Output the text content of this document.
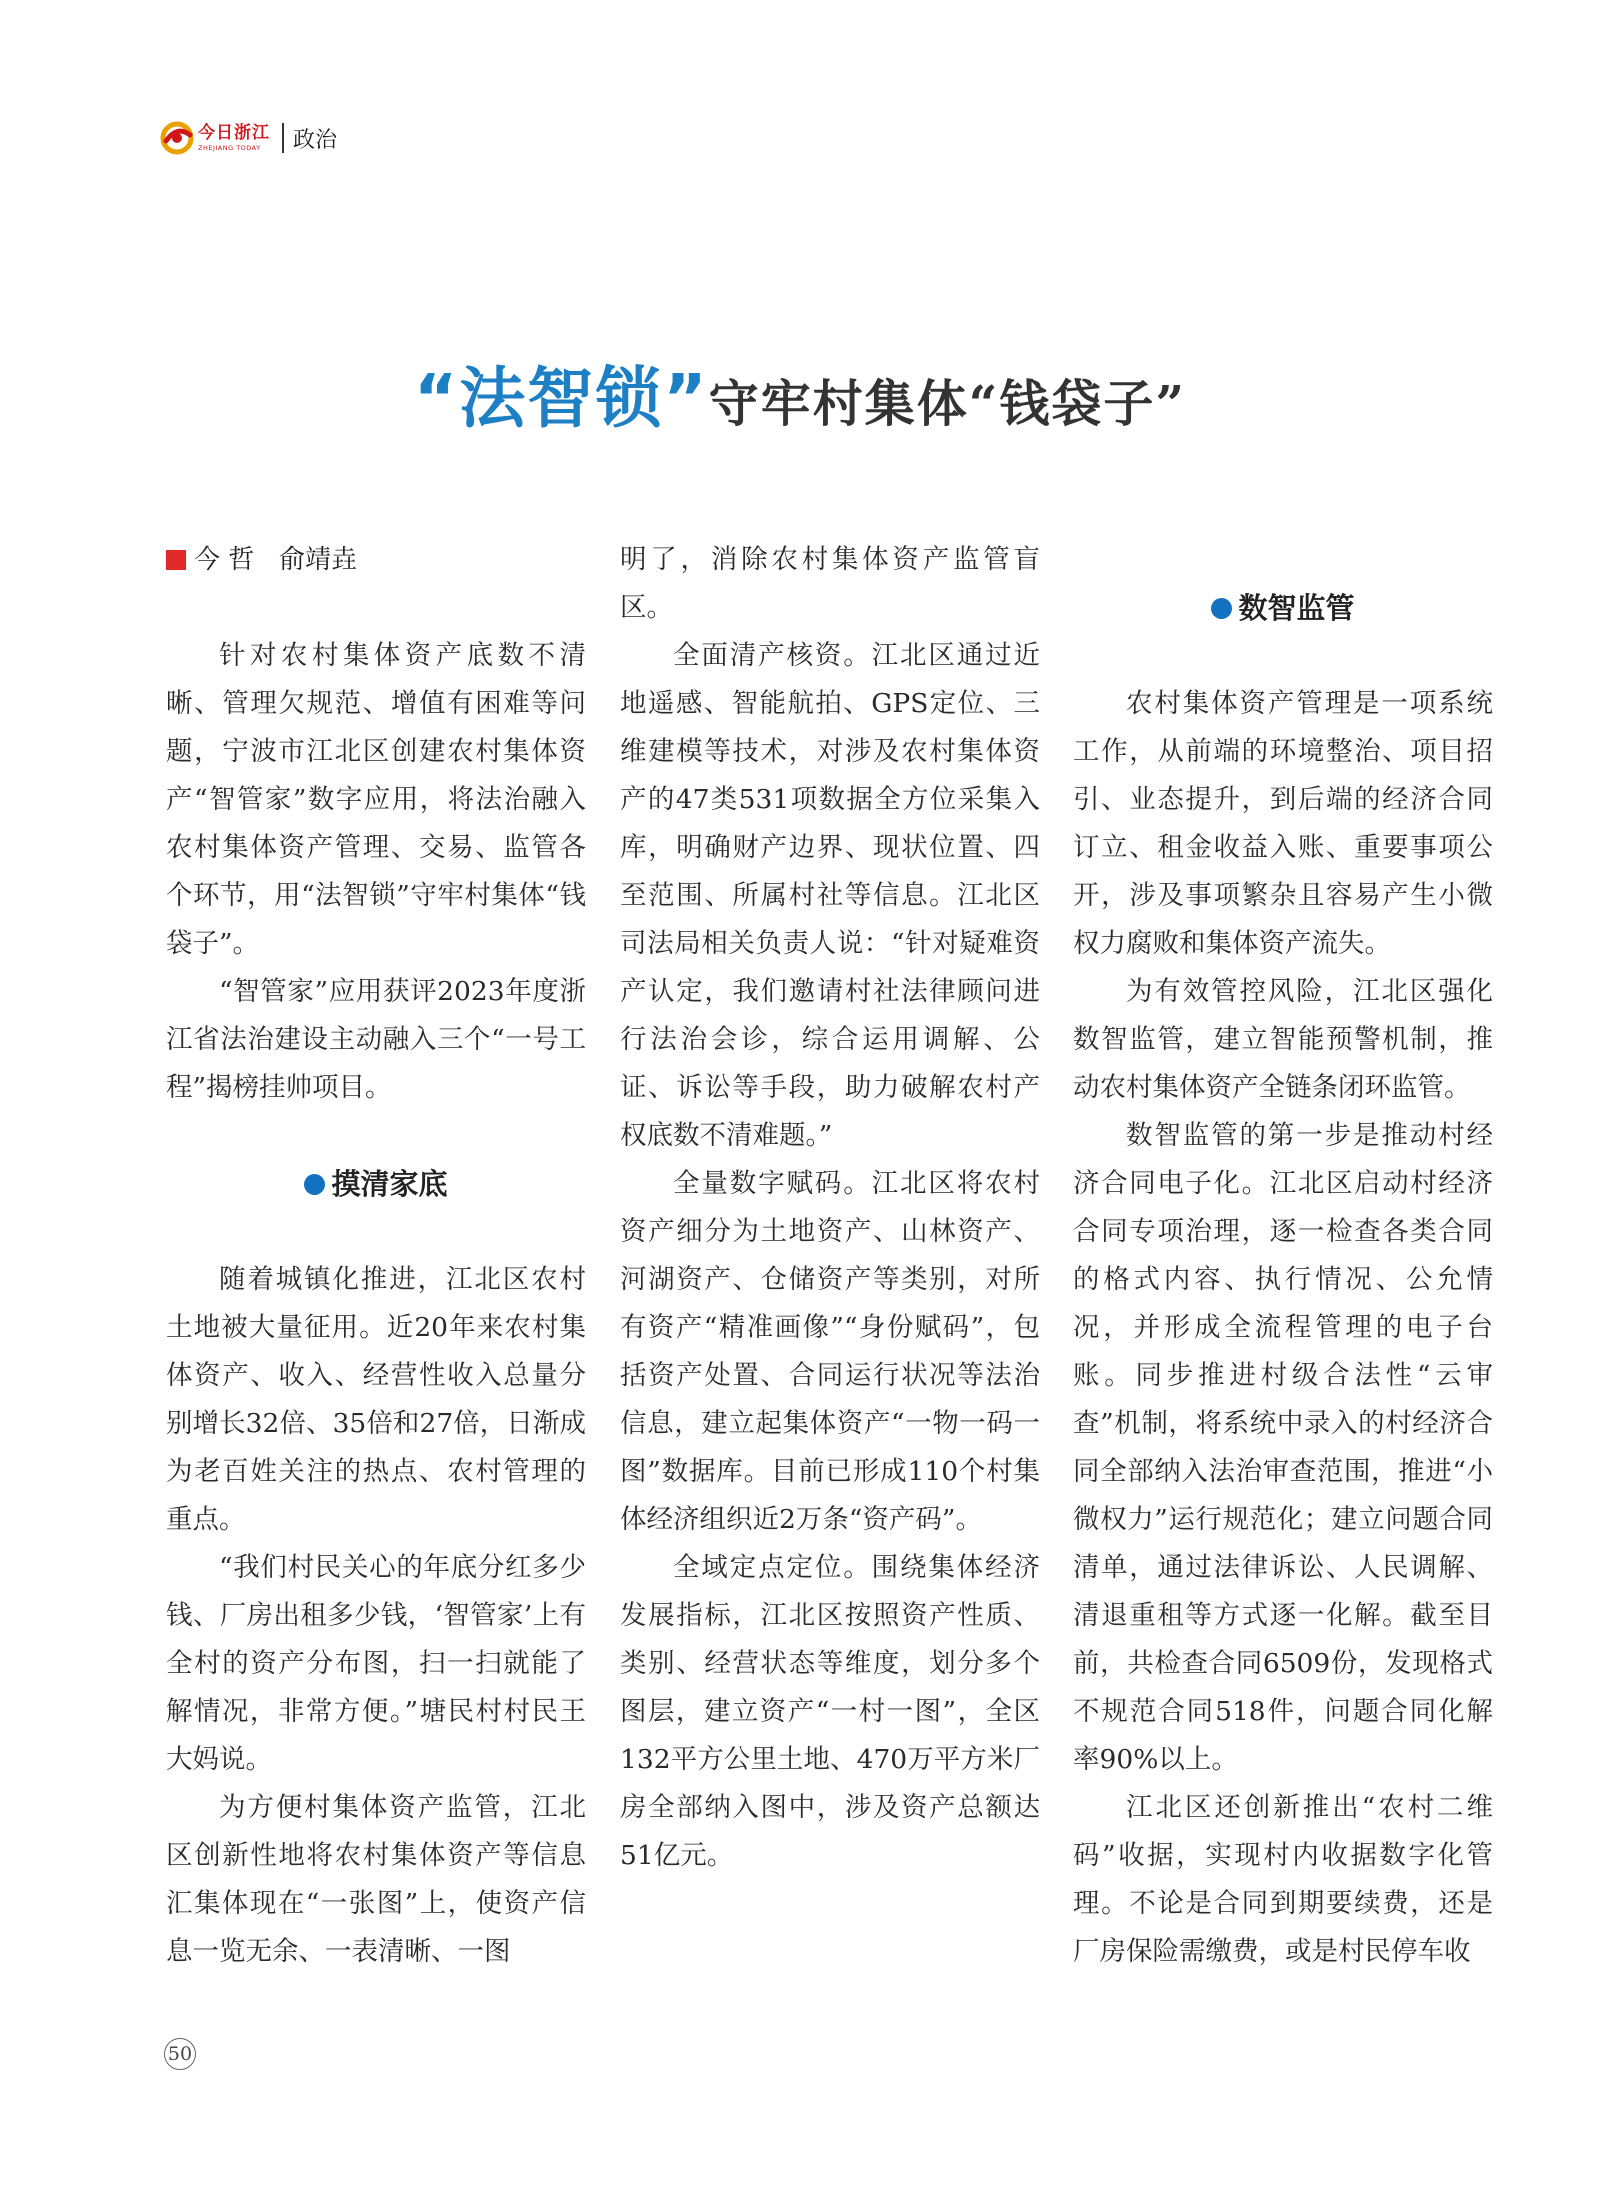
今日浙江
ZHEJIANG TODAY	政治
“法智锁”守牢村集体“钱袋子”
今 哲   俞靖垚

针对农村集体资产底数不清晰、管理欠规范、增值有困难等问题，宁波市江北区创建农村集体资产“智管家”数字应用，将法治融入农村集体资产管理、交易、监管各个环节，用“法智锁”守牢村集体“钱袋子”。

“智管家”应用获评2023年度浙江省法治建设主动融入三个“一号工程”揭榜挂帅项目。

摸清家底

随着城镇化推进，江北区农村土地被大量征用。近20年来农村集体资产、收入、经营性收入总量分别增长32倍、35倍和27倍，日渐成为老百姓关注的热点、农村管理的重点。

“我们村民关心的年底分红多少钱、厂房出租多少钱，‘智管家’上有全村的资产分布图，扫一扫就能了解情况，非常方便。”塘民村村民王大妈说。

为方便村集体资产监管，江北区创新性地将农村集体资产等信息汇集体现在“一张图”上，使资产信息一览无余、一表清晰、一图

明了，消除农村集体资产监管盲区。

全面清产核资。江北区通过近地遥感、智能航拍、GPS定位、三维建模等技术，对涉及农村集体资产的47类531项数据全方位采集入库，明确财产边界、现状位置、四至范围、所属村社等信息。江北区司法局相关负责人说：“针对疑难资产认定，我们邀请村社法律顾问进行法治会诊，综合运用调解、公证、诉讼等手段，助力破解农村产权底数不清难题。”

全量数字赋码。江北区将农村资产细分为土地资产、山林资产、河湖资产、仓储资产等类别，对所有资产“精准画像”“身份赋码”，包括资产处置、合同运行状况等法治信息，建立起集体资产“一物一码一图”数据库。目前已形成110个村集体经济组织近2万条“资产码”。

全域定点定位。围绕集体经济发展指标，江北区按照资产性质、类别、经营状态等维度，划分多个图层，建立资产“一村一图”，全区132平方公里土地、470万平方米厂房全部纳入图中，涉及资产总额达51亿元。

数智监管

农村集体资产管理是一项系统工作，从前端的环境整治、项目招引、业态提升，到后端的经济合同订立、租金收益入账、重要事项公开，涉及事项繁杂且容易产生小微权力腐败和集体资产流失。

为有效管控风险，江北区强化数智监管，建立智能预警机制，推动农村集体资产全链条闭环监管。

数智监管的第一步是推动村经济合同电子化。江北区启动村经济合同专项治理，逐一检查各类合同的格式内容、执行情况、公允情况，并形成全流程管理的电子台账。同步推进村级合法性“云审查”机制，将系统中录入的村经济合同全部纳入法治审查范围，推进“小微权力”运行规范化；建立问题合同清单，通过法律诉讼、人民调解、清退重租等方式逐一化解。截至目前，共检查合同6509份，发现格式不规范合同518件，问题合同化解率90%以上。

江北区还创新推出“农村二维码”收据，实现村内收据数字化管理。不论是合同到期要续费，还是厂房保险需缴费，或是村民停车收

50
